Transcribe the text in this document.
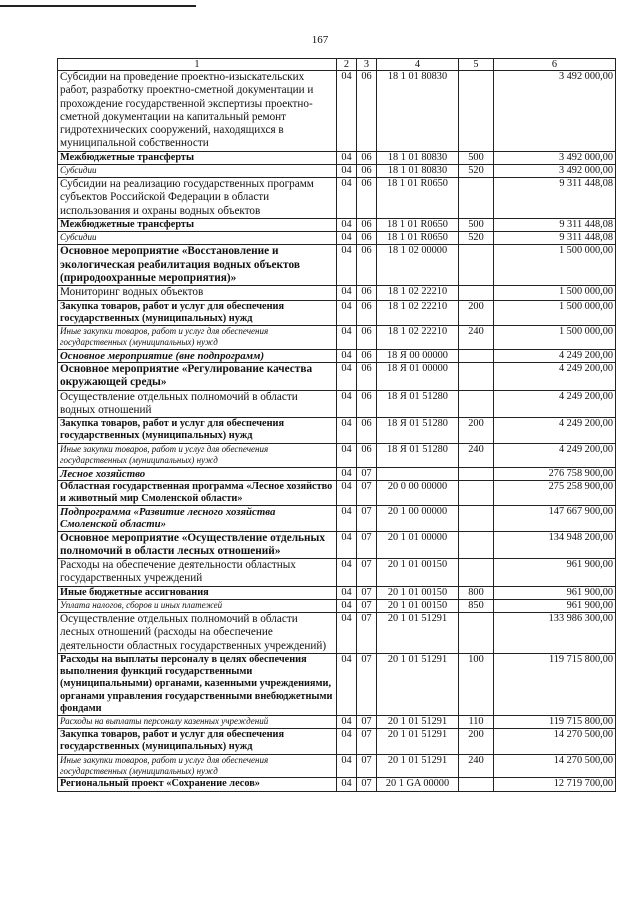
167
1	2	3	4	5	6
Субсидии на проведение проектно-изыскательских работ, разработку проектно-сметной документации и прохождение государственной экспертизы проектно-сметной документации на капитальный ремонт гидротехнических сооружений, находящихся в муниципальной собственности	04	06	18 1 01 80830		3 492 000,00
Межбюджетные трансферты	04	06	18 1 01 80830	500	3 492 000,00
Субсидии	04	06	18 1 01 80830	520	3 492 000,00
Субсидии на реализацию государственных программ субъектов Российской Федерации в области использования и охраны водных объектов	04	06	18 1 01 R0650		9 311 448,08
Межбюджетные трансферты	04	06	18 1 01 R0650	500	9 311 448,08
Субсидии	04	06	18 1 01 R0650	520	9 311 448,08
Основное мероприятие «Восстановление и экологическая реабилитация водных объектов (природоохранные мероприятия)»	04	06	18 1 02 00000		1 500 000,00
Мониторинг водных объектов	04	06	18 1 02 22210		1 500 000,00
Закупка товаров, работ и услуг для обеспечения государственных (муниципальных) нужд	04	06	18 1 02 22210	200	1 500 000,00
Иные закупки товаров, работ и услуг для обеспечения государственных (муниципальных) нужд	04	06	18 1 02 22210	240	1 500 000,00
Основное мероприятие (вне подпрограмм)	04	06	18 Я 00 00000		4 249 200,00
Основное мероприятие «Регулирование качества окружающей среды»	04	06	18 Я 01 00000		4 249 200,00
Осуществление отдельных полномочий в области водных отношений	04	06	18 Я 01 51280		4 249 200,00
Закупка товаров, работ и услуг для обеспечения государственных (муниципальных) нужд	04	06	18 Я 01 51280	200	4 249 200,00
Иные закупки товаров, работ и услуг для обеспечения государственных (муниципальных) нужд	04	06	18 Я 01 51280	240	4 249 200,00
Лесное хозяйство	04	07			276 758 900,00
Областная государственная программа «Лесное хозяйство и животный мир Смоленской области»	04	07	20 0 00 00000		275 258 900,00
Подпрограмма «Развитие лесного хозяйства Смоленской области»	04	07	20 1 00 00000		147 667 900,00
Основное мероприятие «Осуществление отдельных полномочий в области лесных отношений»	04	07	20 1 01 00000		134 948 200,00
Расходы на обеспечение деятельности областных государственных учреждений	04	07	20 1 01 00150		961 900,00
Иные бюджетные ассигнования	04	07	20 1 01 00150	800	961 900,00
Уплата налогов, сборов и иных платежей	04	07	20 1 01 00150	850	961 900,00
Осуществление отдельных полномочий в области лесных отношений (расходы на обеспечение деятельности областных государственных учреждений)	04	07	20 1 01 51291		133 986 300,00
Расходы на выплаты персоналу в целях обеспечения выполнения функций государственными (муниципальными) органами, казенными учреждениями, органами управления государственными внебюджетными фондами	04	07	20 1 01 51291	100	119 715 800,00
Расходы на выплаты персоналу казенных учреждений	04	07	20 1 01 51291	110	119 715 800,00
Закупка товаров, работ и услуг для обеспечения государственных (муниципальных) нужд	04	07	20 1 01 51291	200	14 270 500,00
Иные закупки товаров, работ и услуг для обеспечения государственных (муниципальных) нужд	04	07	20 1 01 51291	240	14 270 500,00
Региональный проект «Сохранение лесов»	04	07	20 1 GA 00000		12 719 700,00
